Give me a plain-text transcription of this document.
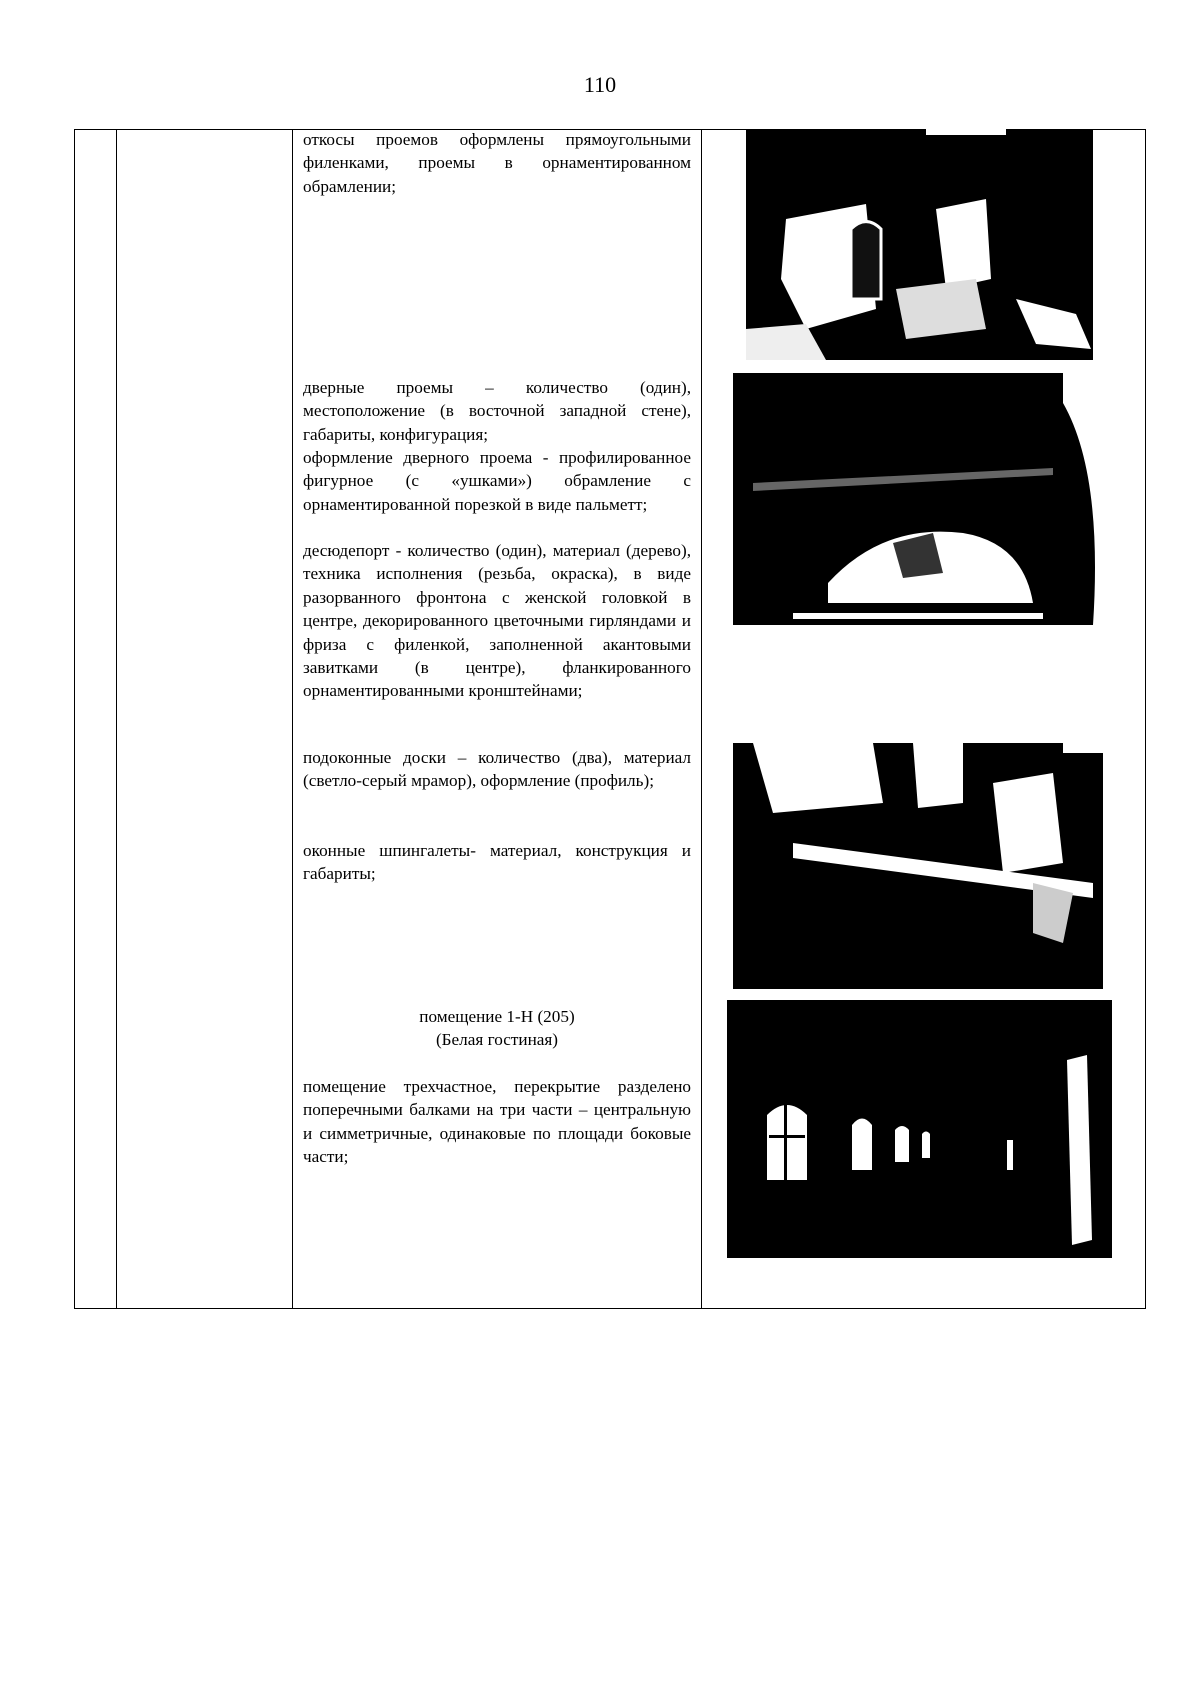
110
откосы проемов оформлены прямоугольными филенками, проемы в орнаментированном обрамлении;
дверные проемы – количество (один), местоположение (в восточной западной стене), габариты, конфигурация;
оформление дверного проема - профилированное фигурное (с «ушками») обрамление с орнаментированной порезкой в виде пальметт;
десюдепорт - количество (один), материал (дерево), техника исполнения (резьба, окраска), в виде разорванного фронтона с женской головкой в центре, декорированного цветочными гирляндами и фриза с филенкой, заполненной акантовыми завитками (в центре), фланкированного орнаментированными кронштейнами;
подоконные доски – количество (два), материал (светло-серый мрамор), оформление (профиль);
оконные шпингалеты- материал, конструкция и габариты;
помещение 1-Н (205)
(Белая гостиная)
помещение трехчастное, перекрытие разделено поперечными балками на три части – центральную и симметричные, одинаковые по площади боковые части;
